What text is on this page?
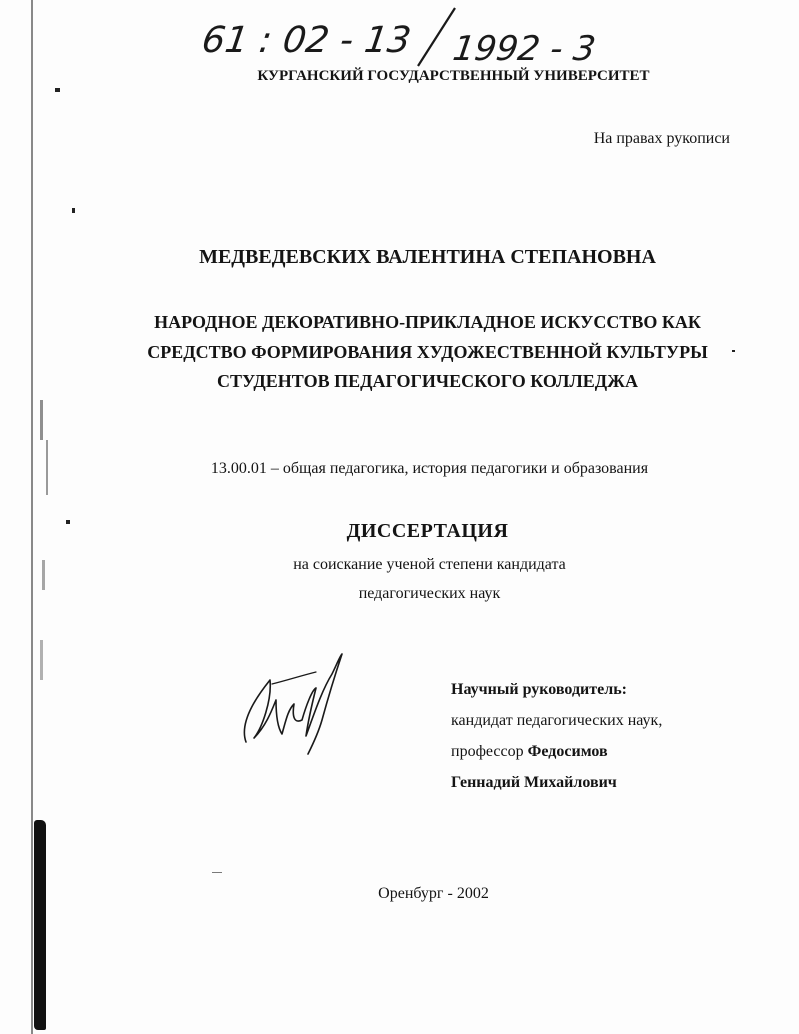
61 : 02 - 13 1992 - 3
КУРГАНСКИЙ ГОСУДАРСТВЕННЫЙ УНИВЕРСИТЕТ
На правах рукописи
МЕДВЕДЕВСКИХ ВАЛЕНТИНА СТЕПАНОВНА
НАРОДНОЕ ДЕКОРАТИВНО-ПРИКЛАДНОЕ ИСКУССТВО КАК
СРЕДСТВО ФОРМИРОВАНИЯ ХУДОЖЕСТВЕННОЙ КУЛЬТУРЫ
СТУДЕНТОВ ПЕДАГОГИЧЕСКОГО КОЛЛЕДЖА
13.00.01 – общая педагогика, история педагогики и образования
ДИССЕРТАЦИЯ
на соискание ученой степени кандидата
педагогических наук
Научный руководитель:
кандидат педагогических наук,
профессор Федосимов
Геннадий Михайлович
Оренбург - 2002
